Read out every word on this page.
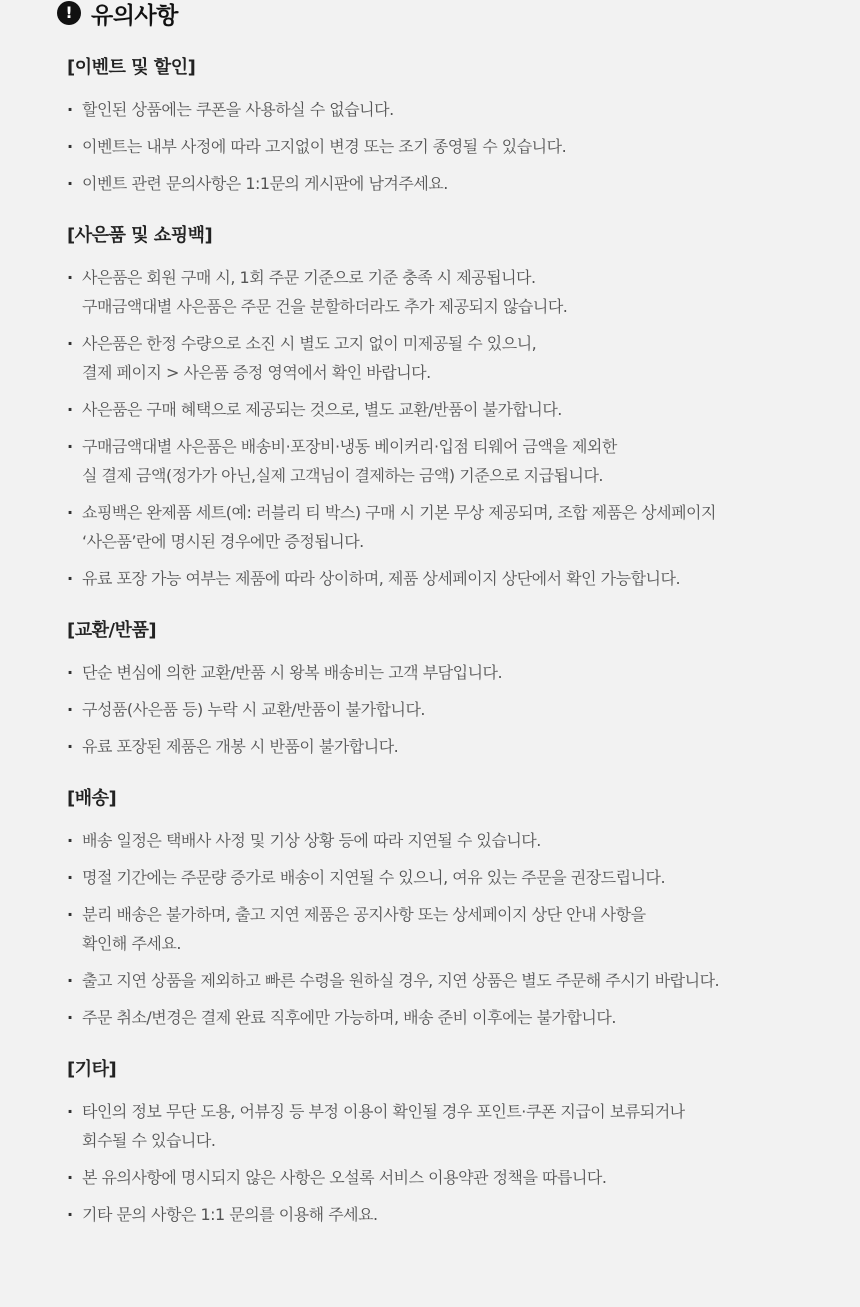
! 유의사항
[이벤트 및 할인]
· 할인된 상품에는 쿠폰을 사용하실 수 없습니다.
· 이벤트는 내부 사정에 따라 고지없이 변경 또는 조기 종영될 수 있습니다.
· 이벤트 관련 문의사항은 1:1문의 게시판에 남겨주세요.
[사은품 및 쇼핑백]
· 사은품은 회원 구매 시, 1회 주문 기준으로 기준 충족 시 제공됩니다.
구매금액대별 사은품은 주문 건을 분할하더라도 추가 제공되지 않습니다.
· 사은품은 한정 수량으로 소진 시 별도 고지 없이 미제공될 수 있으니,
결제 페이지 > 사은품 증정 영역에서 확인 바랍니다.
· 사은품은 구매 혜택으로 제공되는 것으로, 별도 교환/반품이 불가합니다.
· 구매금액대별 사은품은 배송비·포장비·냉동 베이커리·입점 티웨어 금액을 제외한
실 결제 금액(정가가 아닌,실제 고객님이 결제하는 금액) 기준으로 지급됩니다.
· 쇼핑백은 완제품 세트(예: 러블리 티 박스) 구매 시 기본 무상 제공되며, 조합 제품은 상세페이지
‘사은품’란에 명시된 경우에만 증정됩니다.
· 유료 포장 가능 여부는 제품에 따라 상이하며, 제품 상세페이지 상단에서 확인 가능합니다.
[교환/반품]
· 단순 변심에 의한 교환/반품 시 왕복 배송비는 고객 부담입니다.
· 구성품(사은품 등) 누락 시 교환/반품이 불가합니다.
· 유료 포장된 제품은 개봉 시 반품이 불가합니다.
[배송]
· 배송 일정은 택배사 사정 및 기상 상황 등에 따라 지연될 수 있습니다.
· 명절 기간에는 주문량 증가로 배송이 지연될 수 있으니, 여유 있는 주문을 권장드립니다.
· 분리 배송은 불가하며, 출고 지연 제품은 공지사항 또는 상세페이지 상단 안내 사항을
확인해 주세요.
· 출고 지연 상품을 제외하고 빠른 수령을 원하실 경우, 지연 상품은 별도 주문해 주시기 바랍니다.
· 주문 취소/변경은 결제 완료 직후에만 가능하며, 배송 준비 이후에는 불가합니다.
[기타]
· 타인의 정보 무단 도용, 어뷰징 등 부정 이용이 확인될 경우 포인트·쿠폰 지급이 보류되거나
회수될 수 있습니다.
· 본 유의사항에 명시되지 않은 사항은 오설록 서비스 이용약관 정책을 따릅니다.
· 기타 문의 사항은 1:1 문의를 이용해 주세요.
